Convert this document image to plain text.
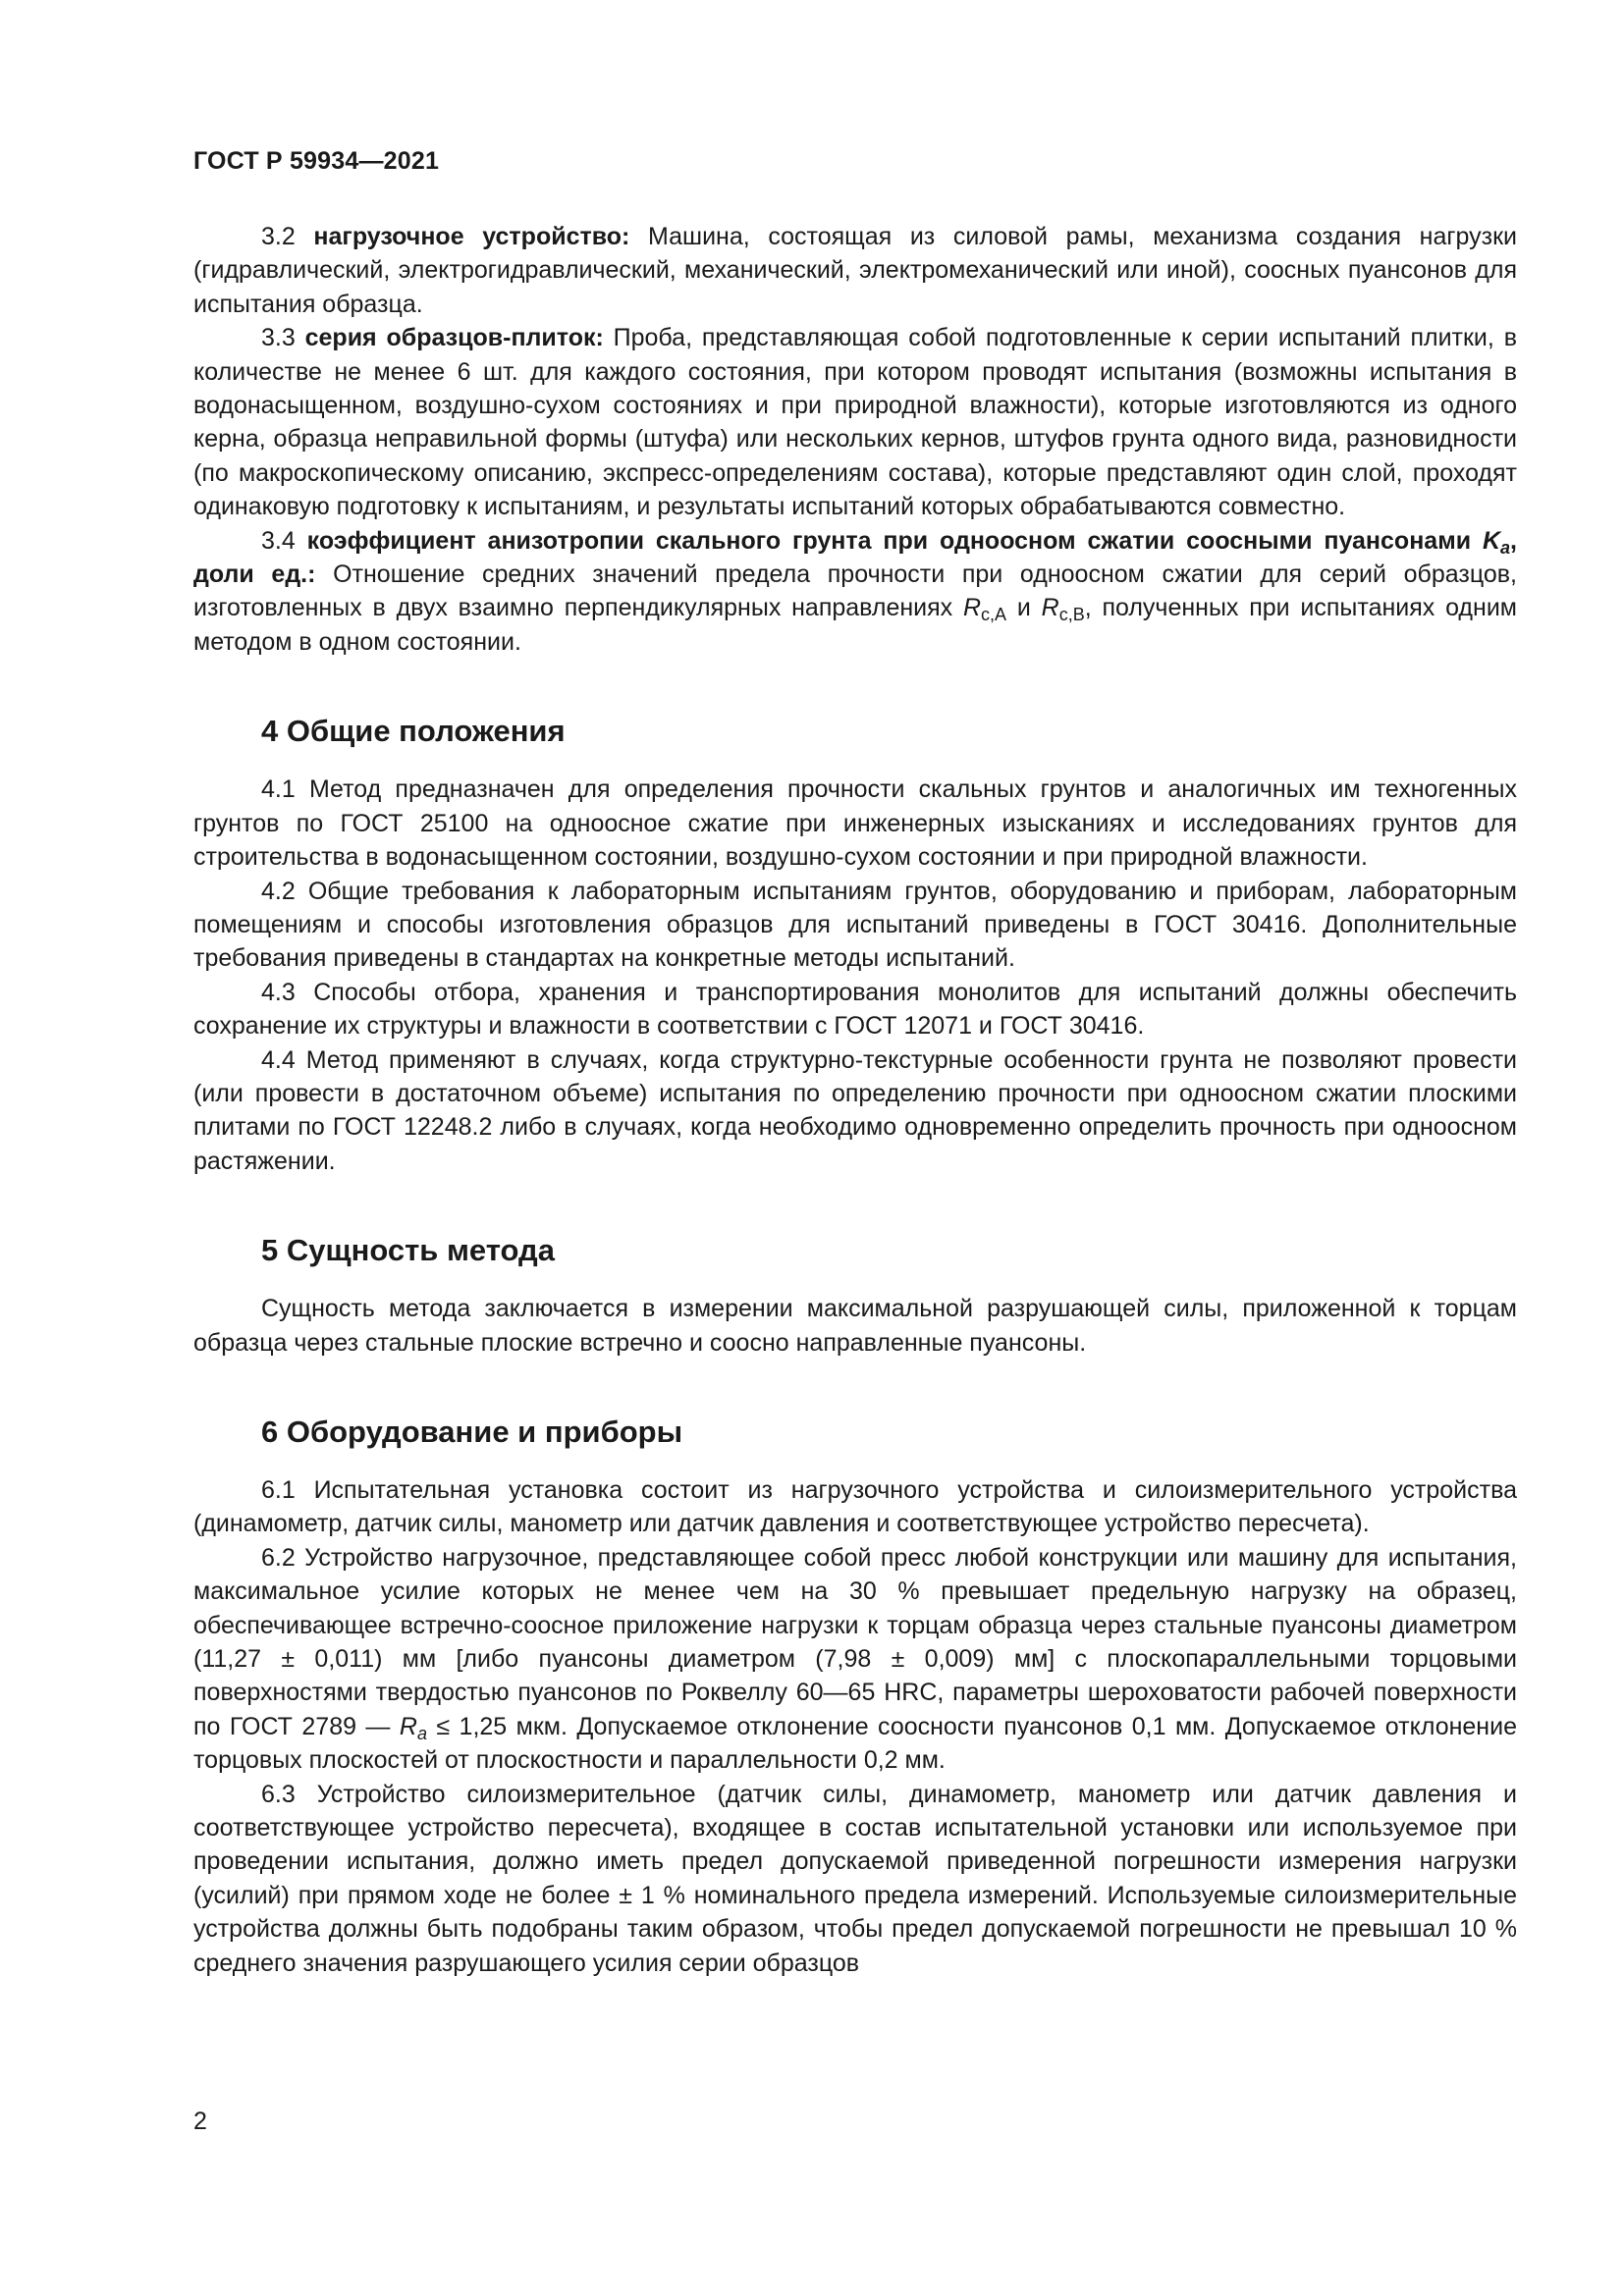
ГОСТ Р 59934—2021

3.2 нагрузочное устройство: Машина, состоящая из силовой рамы, механизма создания нагрузки (гидравлический, электрогидравлический, механический, электромеханический или иной), соосных пуансонов для испытания образца.

3.3 серия образцов-плиток: Проба, представляющая собой подготовленные к серии испытаний плитки, в количестве не менее 6 шт. для каждого состояния, при котором проводят испытания (возможны испытания в водонасыщенном, воздушно-сухом состояниях и при природной влажности), которые изготовляются из одного керна, образца неправильной формы (штуфа) или нескольких кернов, штуфов грунта одного вида, разновидности (по макроскопическому описанию, экспресс-определениям состава), которые представляют один слой, проходят одинаковую подготовку к испытаниям, и результаты испытаний которых обрабатываются совместно.

3.4 коэффициент анизотропии скального грунта при одноосном сжатии соосными пуансонами $K_a$, доли ед.: Отношение средних значений предела прочности при одноосном сжатии для серий образцов, изготовленных в двух взаимно перпендикулярных направлениях $R_{c,A}$ и $R_{c,B}$, полученных при испытаниях одним методом в одном состоянии.

4 Общие положения

4.1 Метод предназначен для определения прочности скальных грунтов и аналогичных им техногенных грунтов по ГОСТ 25100 на одноосное сжатие при инженерных изысканиях и исследованиях грунтов для строительства в водонасыщенном состоянии, воздушно-сухом состоянии и при природной влажности.

4.2 Общие требования к лабораторным испытаниям грунтов, оборудованию и приборам, лабораторным помещениям и способы изготовления образцов для испытаний приведены в ГОСТ 30416. Дополнительные требования приведены в стандартах на конкретные методы испытаний.

4.3 Способы отбора, хранения и транспортирования монолитов для испытаний должны обеспечить сохранение их структуры и влажности в соответствии с ГОСТ 12071 и ГОСТ 30416.

4.4 Метод применяют в случаях, когда структурно-текстурные особенности грунта не позволяют провести (или провести в достаточном объеме) испытания по определению прочности при одноосном сжатии плоскими плитами по ГОСТ 12248.2 либо в случаях, когда необходимо одновременно определить прочность при одноосном растяжении.

5 Сущность метода

Сущность метода заключается в измерении максимальной разрушающей силы, приложенной к торцам образца через стальные плоские встречно и соосно направленные пуансоны.

6 Оборудование и приборы

6.1 Испытательная установка состоит из нагрузочного устройства и силоизмерительного устройства (динамометр, датчик силы, манометр или датчик давления и соответствующее устройство пересчета).

6.2 Устройство нагрузочное, представляющее собой пресс любой конструкции или машину для испытания, максимальное усилие которых не менее чем на 30 % превышает предельную нагрузку на образец, обеспечивающее встречно-соосное приложение нагрузки к торцам образца через стальные пуансоны диаметром (11,27 ± 0,011) мм [либо пуансоны диаметром (7,98 ± 0,009) мм] с плоскопараллельными торцовыми поверхностями твердостью пуансонов по Роквеллу 60—65 HRC, параметры шероховатости рабочей поверхности по ГОСТ 2789 — $R_a \le 1,25$ мкм. Допускаемое отклонение соосности пуансонов 0,1 мм. Допускаемое отклонение торцовых плоскостей от плоскостности и параллельности 0,2 мм.

6.3 Устройство силоизмерительное (датчик силы, динамометр, манометр или датчик давления и соответствующее устройство пересчета), входящее в состав испытательной установки или используемое при проведении испытания, должно иметь предел допускаемой приведенной погрешности измерения нагрузки (усилий) при прямом ходе не более ± 1 % номинального предела измерений. Используемые силоизмерительные устройства должны быть подобраны таким образом, чтобы предел допускаемой погрешности не превышал 10 % среднего значения разрушающего усилия серии образцов

2
